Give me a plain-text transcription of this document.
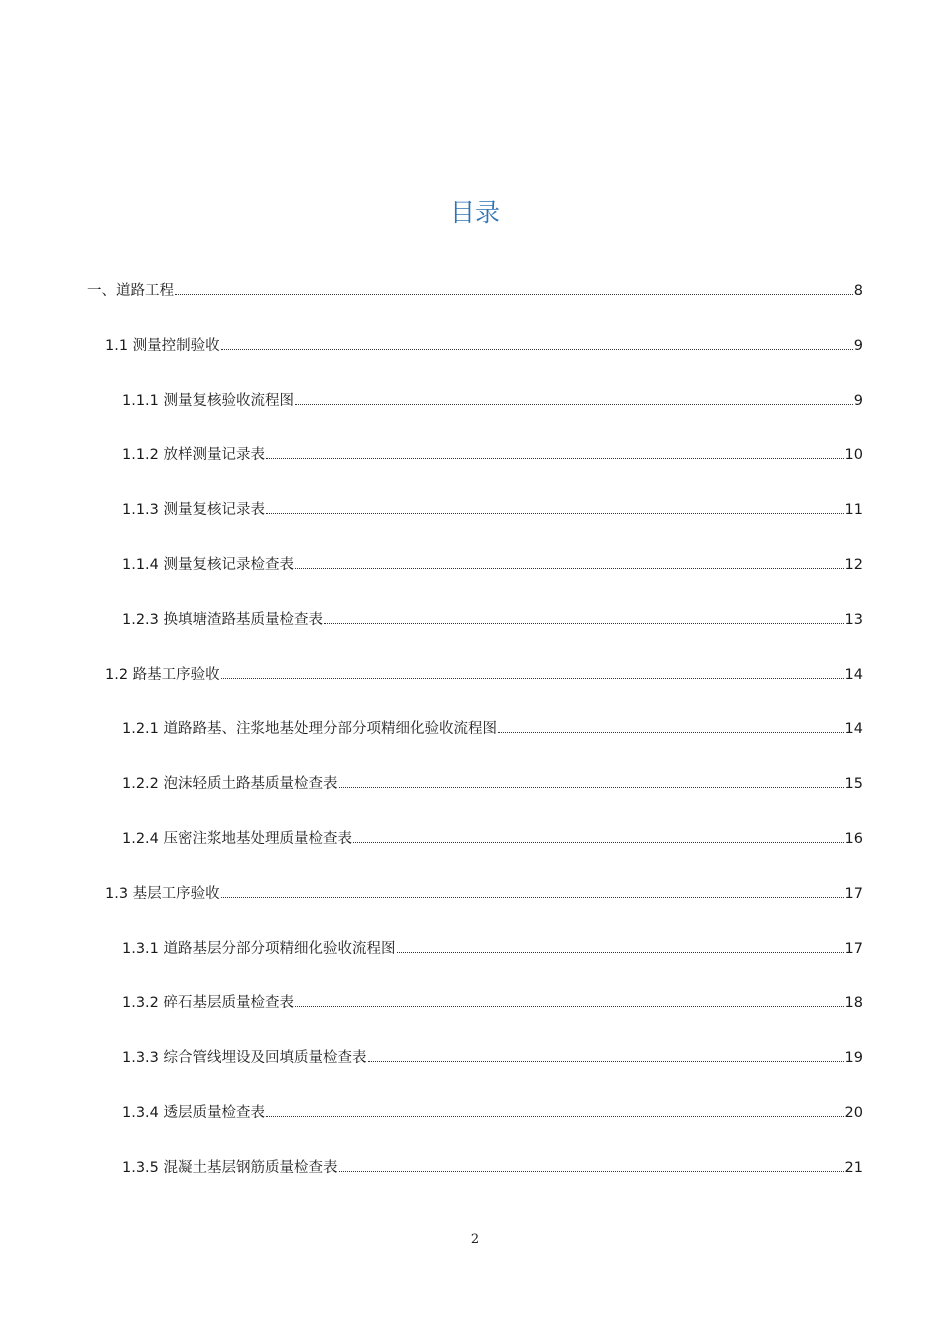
目录
一、道路工程	8
1.1 测量控制验收	9
1.1.1 测量复核验收流程图	9
1.1.2 放样测量记录表	10
1.1.3 测量复核记录表	11
1.1.4 测量复核记录检查表	12
1.2.3 换填塘渣路基质量检查表	13
1.2 路基工序验收	14
1.2.1 道路路基、注浆地基处理分部分项精细化验收流程图	14
1.2.2 泡沫轻质土路基质量检查表	15
1.2.4 压密注浆地基处理质量检查表	16
1.3 基层工序验收	17
1.3.1 道路基层分部分项精细化验收流程图	17
1.3.2 碎石基层质量检查表	18
1.3.3 综合管线埋设及回填质量检查表	19
1.3.4 透层质量检查表	20
1.3.5 混凝土基层钢筋质量检查表	21
2
